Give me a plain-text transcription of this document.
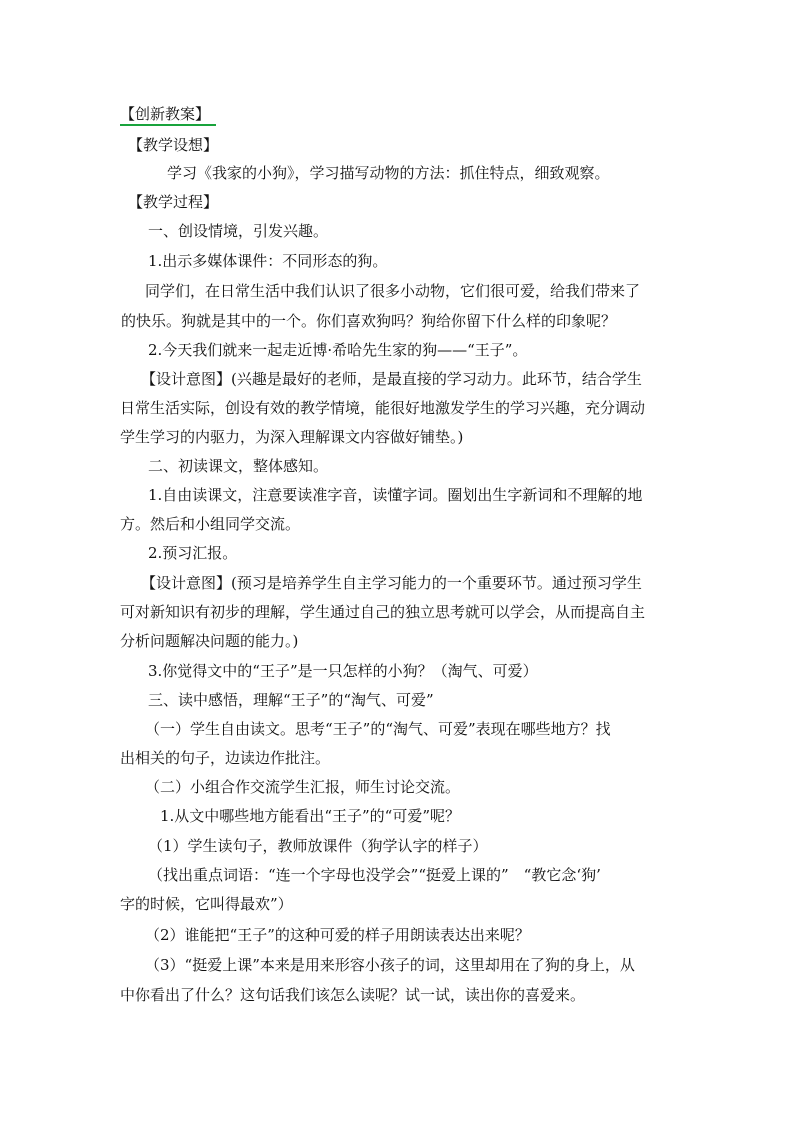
【创新教案】
【教学设想】
学习《我家的小狗》，学习描写动物的方法：抓住特点，细致观察。
【教学过程】
一、创设情境，引发兴趣。
1.出示多媒体课件：不同形态的狗。
同学们，在日常生活中我们认识了很多小动物，它们很可爱，给我们带来了
的快乐。狗就是其中的一个。你们喜欢狗吗？狗给你留下什么样的印象呢？
2.今天我们就来一起走近博·希哈先生家的狗——“王子”。
【设计意图】(兴趣是最好的老师，是最直接的学习动力。此环节，结合学生
日常生活实际，创设有效的教学情境，能很好地激发学生的学习兴趣，充分调动
学生学习的内驱力，为深入理解课文内容做好铺垫。)
二、初读课文，整体感知。
1.自由读课文，注意要读准字音，读懂字词。圈划出生字新词和不理解的地
方。然后和小组同学交流。
2.预习汇报。
【设计意图】(预习是培养学生自主学习能力的一个重要环节。通过预习学生
可对新知识有初步的理解，学生通过自己的独立思考就可以学会，从而提高自主
分析问题解决问题的能力。)
3.你觉得文中的“王子”是一只怎样的小狗？（淘气、可爱）
三、读中感悟，理解“王子”的“淘气、可爱”
（一）学生自由读文。思考“王子”的“淘气、可爱”表现在哪些地方？找
出相关的句子，边读边作批注。
（二）小组合作交流学生汇报，师生讨论交流。
1.从文中哪些地方能看出“王子”的“可爱”呢？
（1）学生读句子，教师放课件（狗学认字的样子）
（找出重点词语：“连一个字母也没学会”“挺爱上课的”　“教它念‘狗’
字的时候，它叫得最欢”）
（2）谁能把“王子”的这种可爱的样子用朗读表达出来呢？
（3）“挺爱上课”本来是用来形容小孩子的词，这里却用在了狗的身上，从
中你看出了什么？这句话我们该怎么读呢？试一试，读出你的喜爱来。
